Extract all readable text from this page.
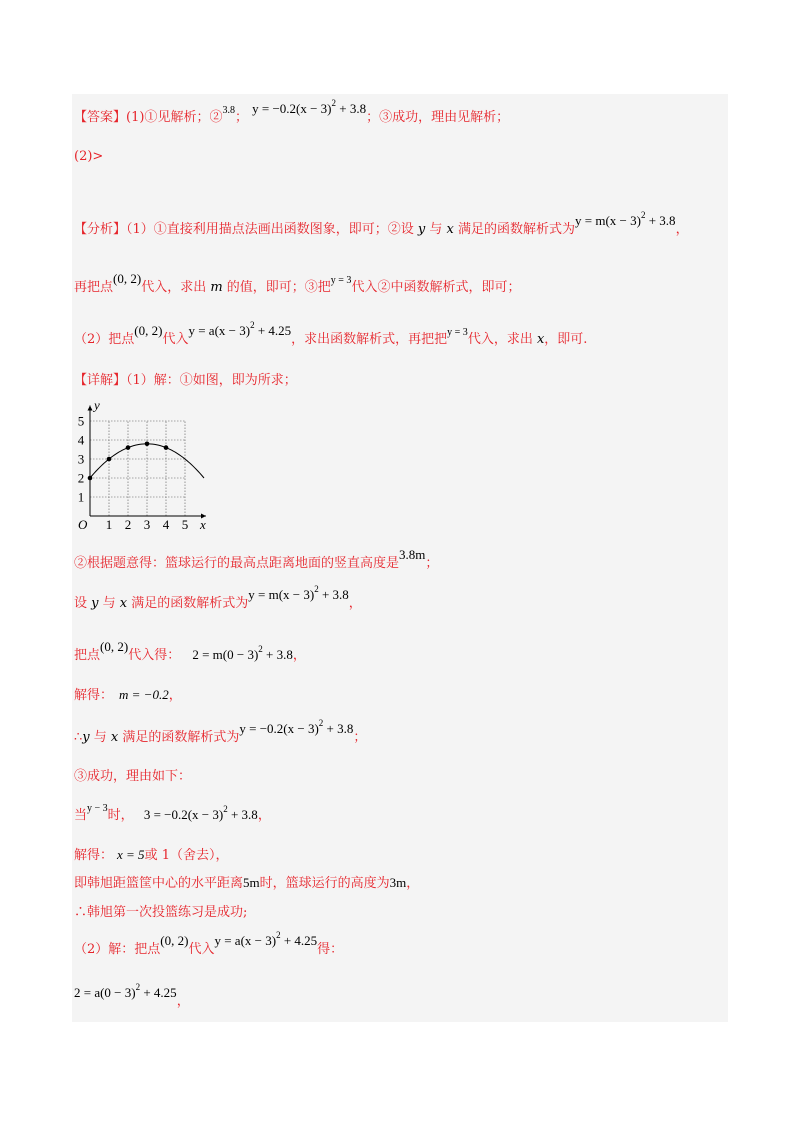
【答案】(1)①见解析；②$^{3.8}$； $y = -0.2(x - 3)^2 + 3.8$；③成功，理由见解析；
(2)>
【分析】（1）①直接利用描点法画出函数图象，即可；②设 y 与 x 满足的函数解析式为$y = m(x - 3)^2 + 3.8$，
再把点(0, 2)代入，求出 m 的值，即可；③把$^{y = 3}$代入②中函数解析式，即可；
（2）把点(0, 2)代入$y = a(x - 3)^2 + 4.25$，求出函数解析式，再把把$^{y = 3}$代入，求出 x，即可.
【详解】（1）解：①如图，即为所求；
1 2 3 4 5
1
2
3
4
5
O	x
y
②根据题意得：篮球运行的最高点距离地面的竖直高度是3.8m；
设 y 与 x 满足的函数解析式为$y = m(x - 3)^2 + 3.8$，
把点(0, 2)代入得： $2 = m(0 - 3)^2 + 3.8$，
解得： m = −0.2，
∴y 与 x 满足的函数解析式为$y = -0.2(x - 3)^2 + 3.8$；
③成功，理由如下：
当$^{y - 3}$时， $3 = -0.2(x - 3)^2 + 3.8$，
解得： x = 5或 1（舍去），
即韩旭距篮筐中心的水平距离5m时，篮球运行的高度为3m，
∴韩旭第一次投篮练习是成功;
（2）解：把点(0, 2)代入$y = a(x - 3)^2 + 4.25$得：
$2 = a(0 - 3)^2 + 4.25$，
